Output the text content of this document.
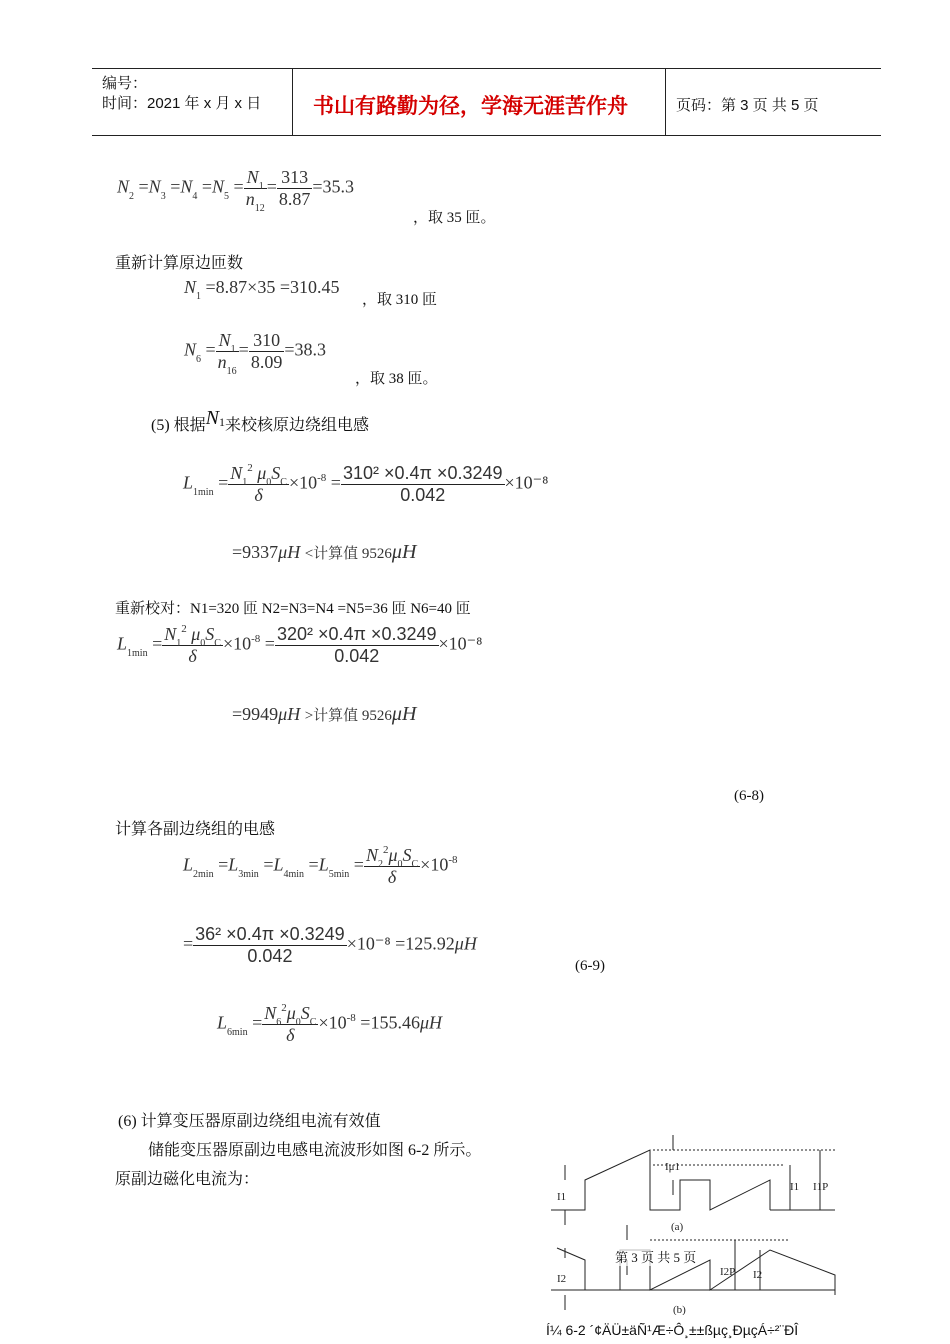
编号：
时间：2021 年 x 月 x 日 书山有路勤为径，学海无涯苦作舟	页码：第 3 页 共 5 页
$N_2 =N_3 =N_4 =N_5 = \frac{N_1}{n_{12}} = \frac{313}{8.87} =35.3$
，取 35 匝。
重新计算原边匝数
$N_1 =8.87\times 35 =310.45$
，取 310 匝
$N_6 = \frac{N_1}{n_{16}} = \frac{310}{8.09} =38.3$
，取 38 匝。
(5) 根据$N^1$来校核原边绕组电感
$L_{1min} = \frac{N_1^2 \mu_0S_C}{\delta} \times 10^{-8} = \frac{\text{310² ×0.4π ×0.3249}}{0.042} \times 10^{-8}$
=9337μH <计算值 9526μH
重新校对：N1=320 匝 N2=N3=N4 =N5=36 匝 N6=40 匝
$L_{1min} = \frac{N_1^2 \mu_0S_C}{\delta} \times 10^{-8} = \frac{\text{320² ×0.4π ×0.3249}}{0.042} \times 10^{-8}$
=9949μH >计算值 9526μH
(6-8)
计算各副边绕组的电感
$L_{2min} =L_{3min} =L_{4min} =L_{5min} = \frac{N_2^2\mu_0S_C}{\delta} \times 10^{-8}$
= $\frac{\text{36² ×0.4π ×0.3249}}{0.042} \times 10^{-8} =125.92\mu H$
(6-9)
$L_{6min} = \frac{N_6^2\mu_0S_C}{\delta} \times 10^{-8} =155.46\mu H$
(6) 计算变压器原副边绕组电流有效值
储能变压器原副边电感电流波形如图 6-2 所示。
原副边磁化电流为：
Iμ1
I1
I1 I1P
(a)
I2
I2P I2
(b)
第 3 页 共 5 页
Í¼ 6-2 ´¢ÄÜ±äÑ¹Æ÷Ô¸±±ßµç¸ÐµçÁ÷²¨ÐÎ
